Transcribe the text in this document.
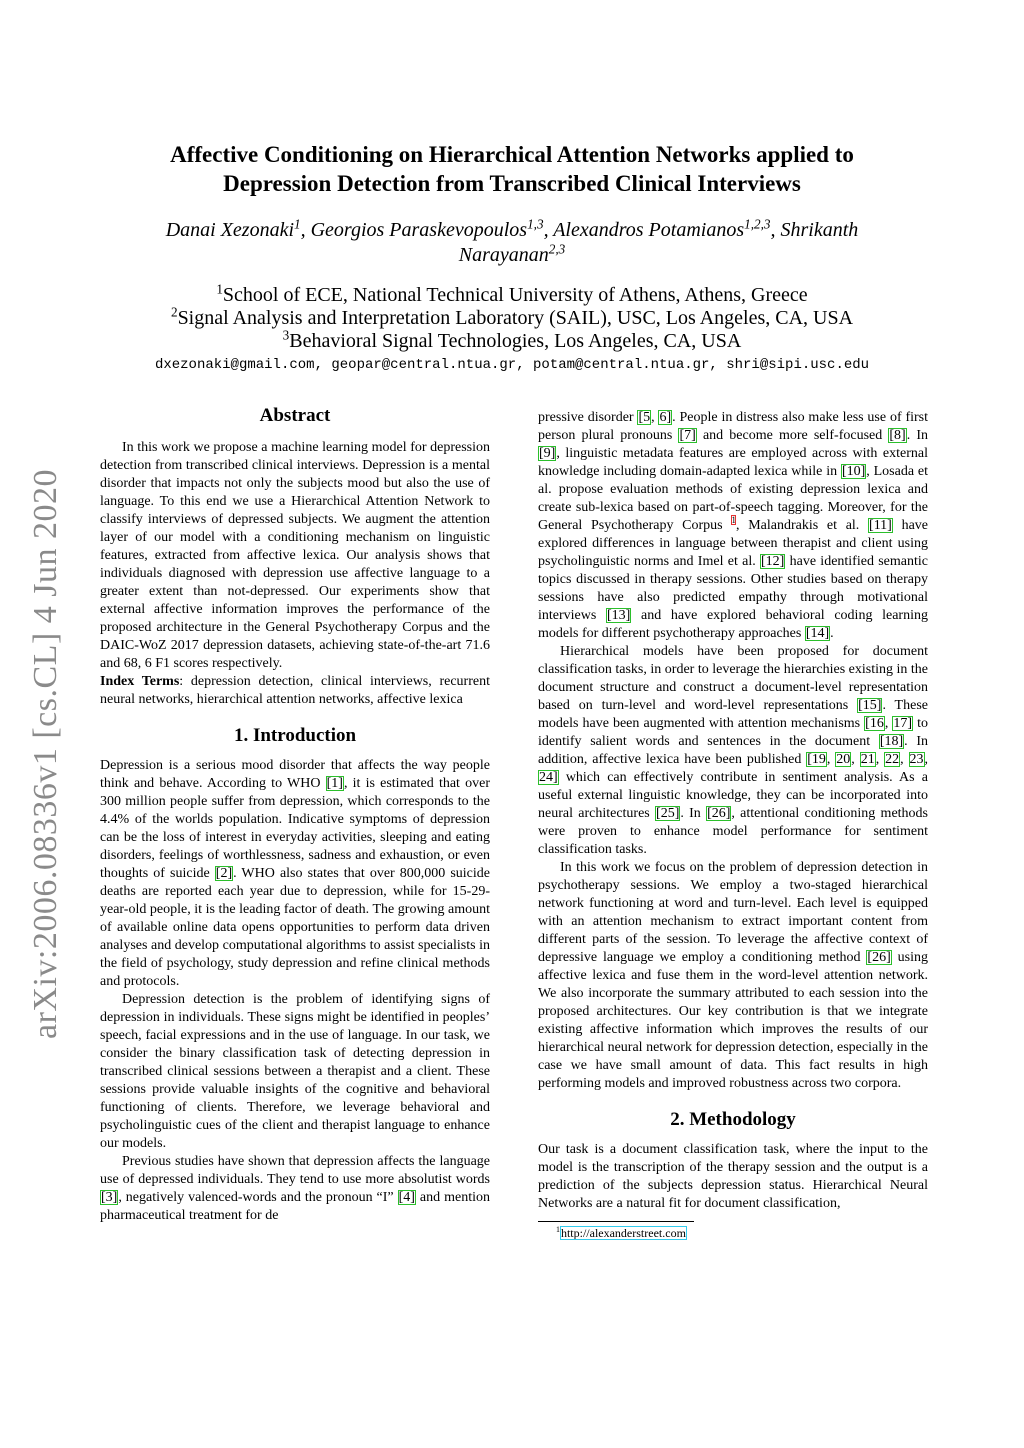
arXiv:2006.08336v1 [cs.CL] 4 Jun 2020
Affective Conditioning on Hierarchical Attention Networks applied to
Depression Detection from Transcribed Clinical Interviews
Danai Xezonaki$^1$, Georgios Paraskevopoulos$^{1,3}$, Alexandros Potamianos$^{1,2,3}$, Shrikanth
Narayanan$^{2,3}$
$^1$School of ECE, National Technical University of Athens, Athens, Greece
$^2$Signal Analysis and Interpretation Laboratory (SAIL), USC, Los Angeles, CA, USA
$^3$Behavioral Signal Technologies, Los Angeles, CA, USA
dxezonaki@gmail.com, geopar@central.ntua.gr, potam@central.ntua.gr, shri@sipi.usc.edu
Abstract

In this work we propose a machine learning model for depression detection from transcribed clinical interviews. Depression is a mental disorder that impacts not only the subjects mood but also the use of language. To this end we use a Hierarchical Attention Network to classify interviews of depressed subjects. We augment the attention layer of our model with a conditioning mechanism on linguistic features, extracted from affective lexica. Our analysis shows that individuals diagnosed with depression use affective language to a greater extent than not-depressed. Our experiments show that external affective information improves the performance of the proposed architecture in the General Psychotherapy Corpus and the DAIC-WoZ 2017 depression datasets, achieving state-of-the-art 71.6 and 68, 6 F1 scores respectively.

Index Terms: depression detection, clinical interviews, recurrent neural networks, hierarchical attention networks, affective lexica

1. Introduction

Depression is a serious mood disorder that affects the way people think and behave. According to WHO [1], it is estimated that over 300 million people suffer from depression, which corresponds to the 4.4% of the worlds population. Indicative symptoms of depression can be the loss of interest in everyday activities, sleeping and eating disorders, feelings of worthlessness, sadness and exhaustion, or even thoughts of suicide [2]. WHO also states that over 800,000 suicide deaths are reported each year due to depression, while for 15-29-year-old people, it is the leading factor of death. The growing amount of available online data opens opportunities to perform data driven analyses and develop computational algorithms to assist specialists in the field of psychology, study depression and refine clinical methods and protocols.

Depression detection is the problem of identifying signs of depression in individuals. These signs might be identified in peoples’ speech, facial expressions and in the use of language. In our task, we consider the binary classification task of detecting depression in transcribed clinical sessions between a therapist and a client. These sessions provide valuable insights of the cognitive and behavioral functioning of clients. Therefore, we leverage behavioral and psycholinguistic cues of the client and therapist language to enhance our models.

Previous studies have shown that depression affects the language use of depressed individuals. They tend to use more absolutist words [3], negatively valenced-words and the pronoun “I” [4] and mention pharmaceutical treatment for de

pressive disorder [5, 6]. People in distress also make less use of first person plural pronouns [7] and become more self-focused [8]. In [9], linguistic metadata features are employed across with external knowledge including domain-adapted lexica while in [10], Losada et al. propose evaluation methods of existing depression lexica and create sub-lexica based on part-of-speech tagging. Moreover, for the General Psychotherapy Corpus $^1$, Malandrakis et al. [11] have explored differences in language between therapist and client using psycholinguistic norms and Imel et al. [12] have identified semantic topics discussed in therapy sessions. Other studies based on therapy sessions have also predicted empathy through motivational interviews [13] and have explored behavioral coding learning models for different psychotherapy approaches [14].

Hierarchical models have been proposed for document classification tasks, in order to leverage the hierarchies existing in the document structure and construct a document-level representation based on turn-level and word-level representations [15]. These models have been augmented with attention mechanisms [16, 17] to identify salient words and sentences in the document [18]. In addition, affective lexica have been published [19, 20, 21, 22, 23, 24] which can effectively contribute in sentiment analysis. As a useful external linguistic knowledge, they can be incorporated into neural architectures [25]. In [26], attentional conditioning methods were proven to enhance model performance for sentiment classification tasks.

In this work we focus on the problem of depression detection in psychotherapy sessions. We employ a two-staged hierarchical network functioning at word and turn-level. Each level is equipped with an attention mechanism to extract important content from different parts of the session. To leverage the affective context of depressive language we employ a conditioning method [26] using affective lexica and fuse them in the word-level attention network. We also incorporate the summary attributed to each session into the proposed architectures. Our key contribution is that we integrate existing affective information which improves the results of our hierarchical neural network for depression detection, especially in the case we have small amount of data. This fact results in high performing models and improved robustness across two corpora.

2. Methodology

Our task is a document classification task, where the input to the model is the transcription of the therapy session and the output is a prediction of the subjects depression status. Hierarchical Neural Networks are a natural fit for document classification,

$^1$http://alexanderstreet.com
